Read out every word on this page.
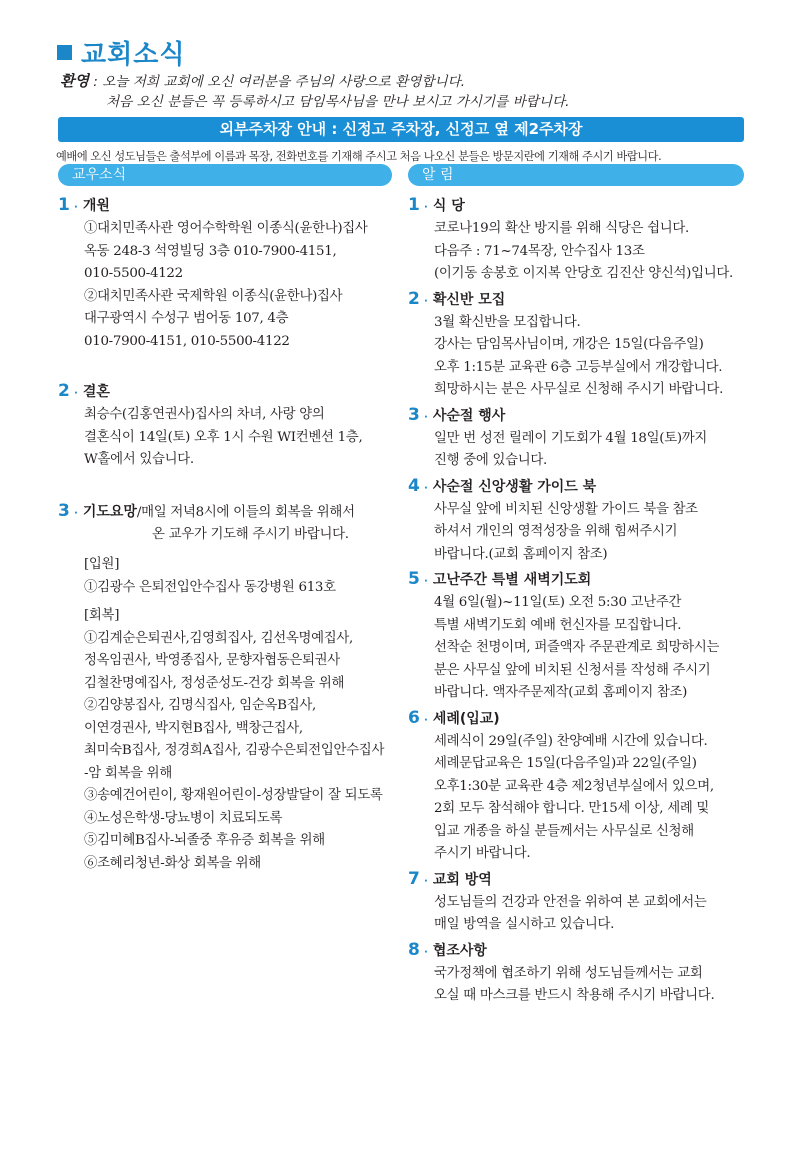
교회소식
환영 : 오늘 저희 교회에 오신 여러분을 주님의 사랑으로 환영합니다.
처음 오신 분들은 꼭 등록하시고 담임목사님을 만나 보시고 가시기를 바랍니다.
외부주차장 안내 : 신정고 주차장, 신정고 옆 제2주차장
예배에 오신 성도님들은 출석부에 이름과 목장, 전화번호를 기재해 주시고 처음 나오신 분들은 방문지란에 기재해 주시기 바랍니다.
교우소식	알 림
1 · 개원
①대치민족사관 영어수학학원 이종식(윤한나)집사
옥동 248-3 석영빌딩 3층 010-7900-4151,
010-5500-4122
②대치민족사관 국제학원 이종식(윤한나)집사
대구광역시 수성구 범어동 107, 4층
010-7900-4151, 010-5500-4122
2 · 결혼
최승수(김홍연권사)집사의 차녀, 사랑 양의
결혼식이 14일(토) 오후 1시 수원 WI컨벤션 1층,
W홀에서 있습니다.
3 · 기도요망/매일 저녁8시에 이들의 회복을 위해서
온 교우가 기도해 주시기 바랍니다.
[입원]
①김광수 은퇴전입안수집사 동강병원 613호
[회복]
①김계순은퇴권사,김영희집사, 김선옥명예집사,
정옥임권사, 박영종집사, 문향자협동은퇴권사
김철찬명예집사, 정성준성도-건강 회복을 위해
②김양봉집사, 김명식집사, 임순옥B집사,
이연경권사, 박지현B집사, 백창근집사,
최미숙B집사, 정경희A집사, 김광수은퇴전입안수집사
-암 회복을 위해
③송예건어린이, 황재원어린이-성장발달이 잘 되도록
④노성은학생-당뇨병이 치료되도록
⑤김미혜B집사-뇌졸중 후유증 회복을 위해
⑥조혜리청년-화상 회복을 위해
1 · 식 당
코로나19의 확산 방지를 위해 식당은 쉽니다.
다음주 : 71~74목장, 안수집사 13조
(이기동 송봉호 이지복 안당호 김진산 양신석)입니다.
2 · 확신반 모집
3월 확신반을 모집합니다.
강사는 담임목사님이며, 개강은 15일(다음주일)
오후 1:15분 교육관 6층 고등부실에서 개강합니다.
희망하시는 분은 사무실로 신청해 주시기 바랍니다.
3 · 사순절 행사
일만 번 성전 릴레이 기도회가 4월 18일(토)까지
진행 중에 있습니다.
4 · 사순절 신앙생활 가이드 북
사무실 앞에 비치된 신앙생활 가이드 북을 참조
하셔서 개인의 영적성장을 위해 힘써주시기
바랍니다.(교회 홈페이지 참조)
5 · 고난주간 특별 새벽기도회
4월 6일(월)~11일(토) 오전 5:30 고난주간
특별 새벽기도회 예배 헌신자를 모집합니다.
선착순 천명이며, 퍼즐액자 주문관계로 희망하시는
분은 사무실 앞에 비치된 신청서를 작성해 주시기
바랍니다. 액자주문제작(교회 홈페이지 참조)
6 · 세례(입교)
세례식이 29일(주일) 찬양예배 시간에 있습니다.
세례문답교육은 15일(다음주일)과 22일(주일)
오후1:30분 교육관 4층 제2청년부실에서 있으며,
2회 모두 참석해야 합니다. 만15세 이상, 세례 및
입교 개종을 하실 분들께서는 사무실로 신청해
주시기 바랍니다.
7 · 교회 방역
성도님들의 건강과 안전을 위하여 본 교회에서는
매일 방역을 실시하고 있습니다.
8 · 협조사항
국가정책에 협조하기 위해 성도님들께서는 교회
오실 때 마스크를 반드시 착용해 주시기 바랍니다.
